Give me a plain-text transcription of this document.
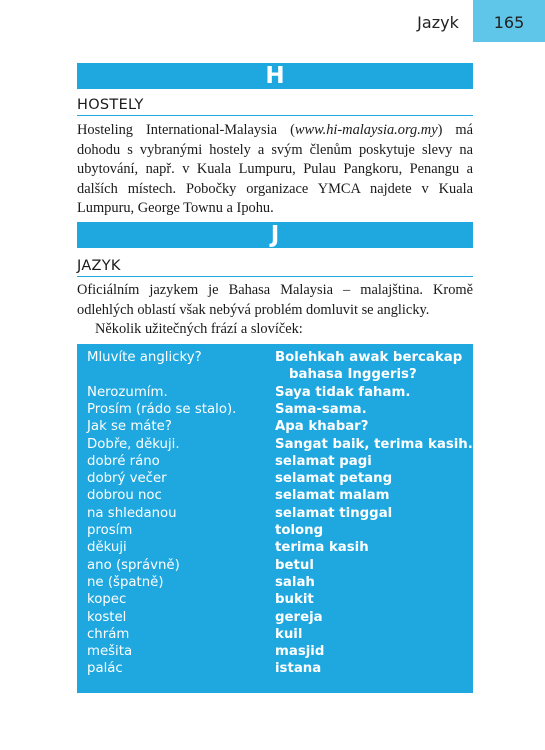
Jazyk	165
H
HOSTELY

Hosteling International-Malaysia (www.hi-malaysia.org.my) má dohodu s vybranými hostely a svým členům poskytuje slevy na ubytování, např. v Kuala Lumpuru, Pulau Pangkoru, Penangu a dalších místech. Pobočky organizace YMCA najdete v Kuala Lumpuru, George Townu a Ipohu.

J
JAZYK

Oficiálním jazykem je Bahasa Malaysia – malajština. Kromě odlehlých oblastí však nebývá problém domluvit se anglicky.

Několik užitečných frází a slovíček:

Mluvíte anglicky?	Bolehkah awak bercakap
bahasa Inggeris?
Nerozumím.	Saya tidak faham.
Prosím (rádo se stalo).	Sama-sama.
Jak se máte?	Apa khabar?
Dobře, děkuji.	Sangat baik, terima kasih.
dobré ráno	selamat pagi
dobrý večer	selamat petang
dobrou noc	selamat malam
na shledanou	selamat tinggal
prosím	tolong
děkuji	terima kasih
ano (správně)	betul
ne (špatně)	salah
kopec	bukit
kostel	gereja
chrám	kuil
mešita	masjid
palác	istana
